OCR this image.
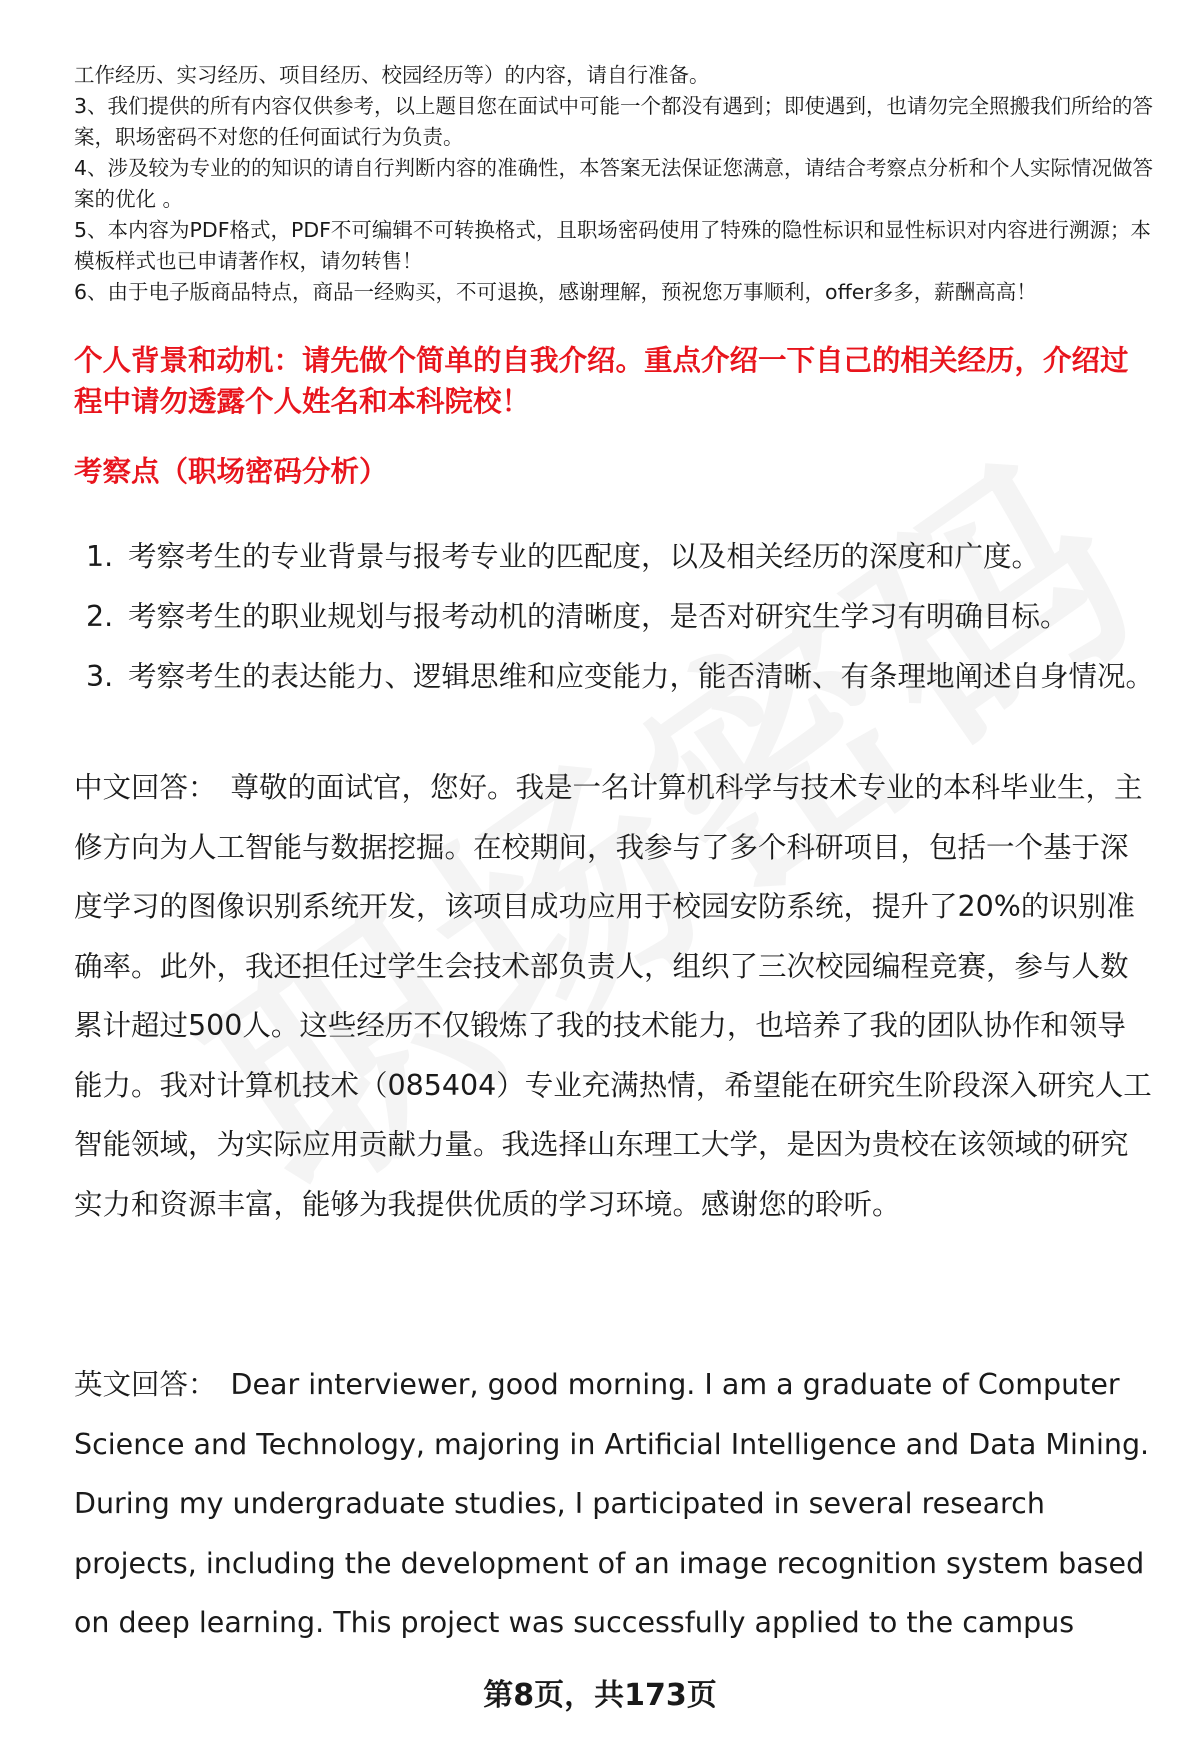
工作经历、实习经历、项目经历、校园经历等）的内容，请自行准备。

3、我们提供的所有内容仅供参考，以上题目您在面试中可能一个都没有遇到；即使遇到，也请勿完全照搬我们所给的答案，职场密码不对您的任何面试行为负责。

4、涉及较为专业的的知识的请自行判断内容的准确性，本答案无法保证您满意，请结合考察点分析和个人实际情况做答案的优化 。

5、本内容为PDF格式，PDF不可编辑不可转换格式，且职场密码使用了特殊的隐性标识和显性标识对内容进行溯源；本模板样式也已申请著作权，请勿转售！

6、由于电子版商品特点，商品一经购买，不可退换，感谢理解，预祝您万事顺利，offer多多，薪酬高高！

个人背景和动机：请先做个简单的自我介绍。重点介绍一下自己的相关经历，介绍过程中请勿透露个人姓名和本科院校！
考察点（职场密码分析）
1. 考察考生的专业背景与报考专业的匹配度，以及相关经历的深度和广度。
2. 考察考生的职业规划与报考动机的清晰度，是否对研究生学习有明确目标。
3. 考察考生的表达能力、逻辑思维和应变能力，能否清晰、有条理地阐述自身情况。

中文回答： 尊敬的面试官，您好。我是一名计算机科学与技术专业的本科毕业生，主修方向为人工智能与数据挖掘。在校期间，我参与了多个科研项目，包括一个基于深度学习的图像识别系统开发，该项目成功应用于校园安防系统，提升了20%的识别准确率。此外，我还担任过学生会技术部负责人，组织了三次校园编程竞赛，参与人数累计超过500人。这些经历不仅锻炼了我的技术能力，也培养了我的团队协作和领导能力。我对计算机技术（085404）专业充满热情，希望能在研究生阶段深入研究人工智能领域，为实际应用贡献力量。我选择山东理工大学，是因为贵校在该领域的研究实力和资源丰富，能够为我提供优质的学习环境。感谢您的聆听。

英文回答： Dear interviewer, good morning. I am a graduate of Computer Science and Technology, majoring in Artificial Intelligence and Data Mining. During my undergraduate studies, I participated in several research projects, including the development of an image recognition system based on deep learning. This project was successfully applied to the campus

第8页，共173页
